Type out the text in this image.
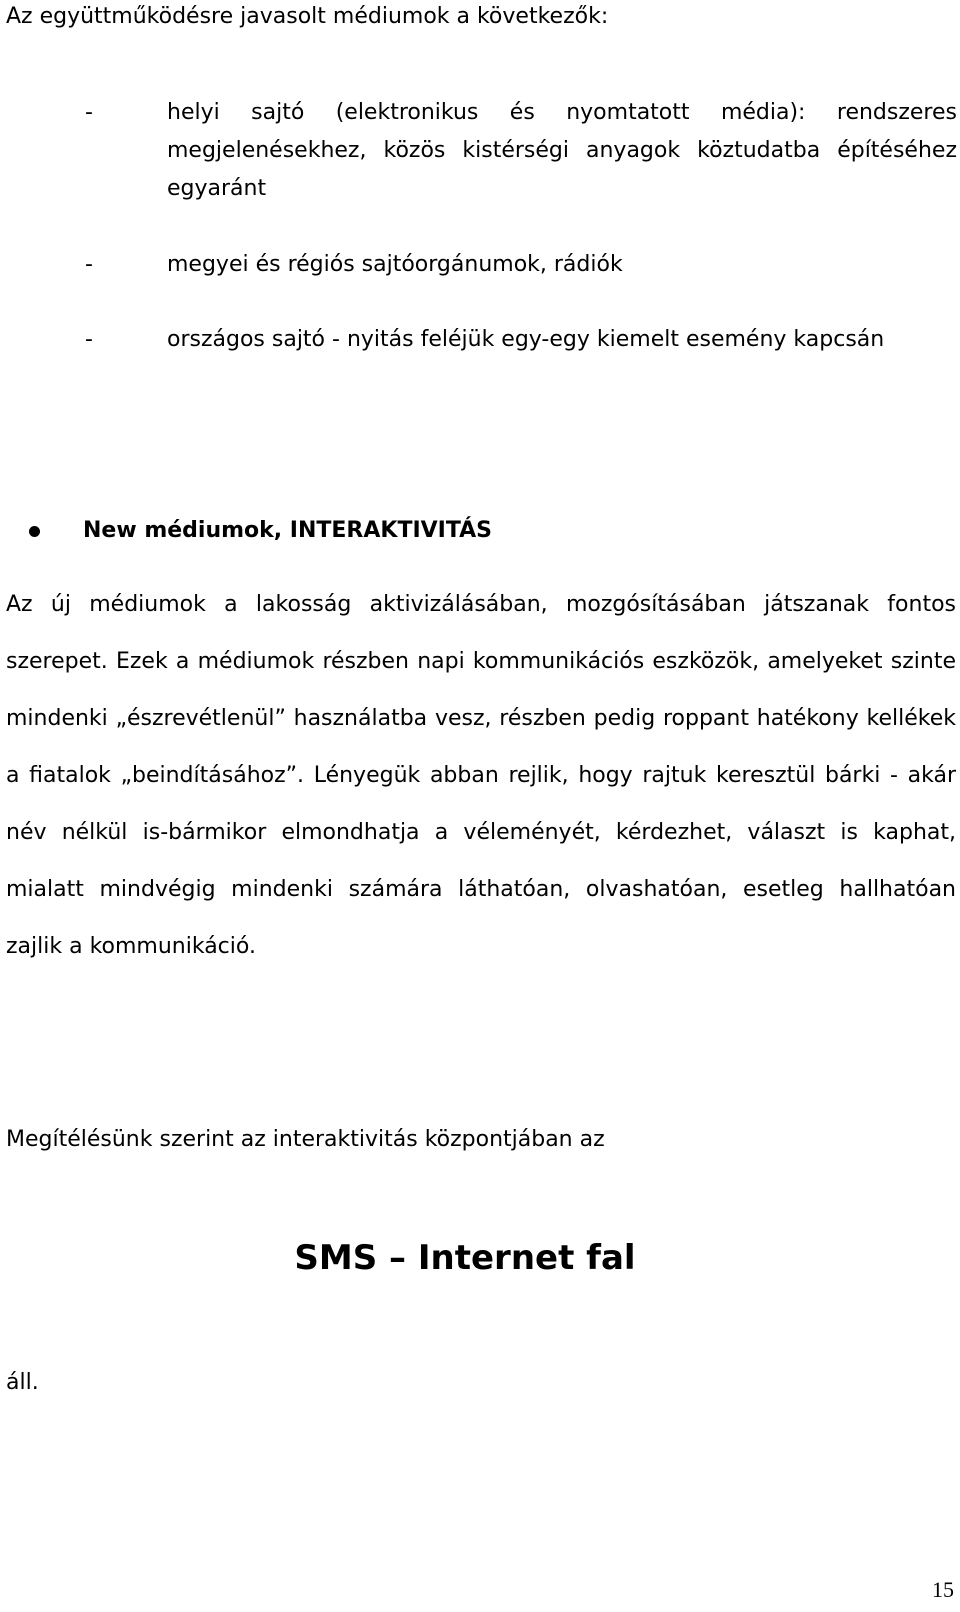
Az együttműködésre javasolt médiumok a következők:
-	helyi sajtó (elektronikus és nyomtatott média): rendszeres megjelenésekhez, közös kistérségi anyagok köztudatba építéséhez egyaránt
-	megyei és régiós sajtóorgánumok, rádiók
-	országos sajtó - nyitás feléjük egy-egy kiemelt esemény kapcsán
New médiumok, INTERAKTIVITÁS
Az új médiumok a lakosság aktivizálásában, mozgósításában játszanak fontos szerepet. Ezek a médiumok részben napi kommunikációs eszközök, amelyeket szinte mindenki „észrevétlenül” használatba vesz, részben pedig roppant hatékony kellékek a fiatalok „beindításához”. Lényegük abban rejlik, hogy rajtuk keresztül bárki - akár név nélkül is-bármikor elmondhatja a véleményét, kérdezhet, választ is kaphat, mialatt mindvégig mindenki számára láthatóan, olvashatóan, esetleg hallhatóan zajlik a kommunikáció.
Megítélésünk szerint az interaktivitás központjában az
SMS – Internet fal
áll.
15
